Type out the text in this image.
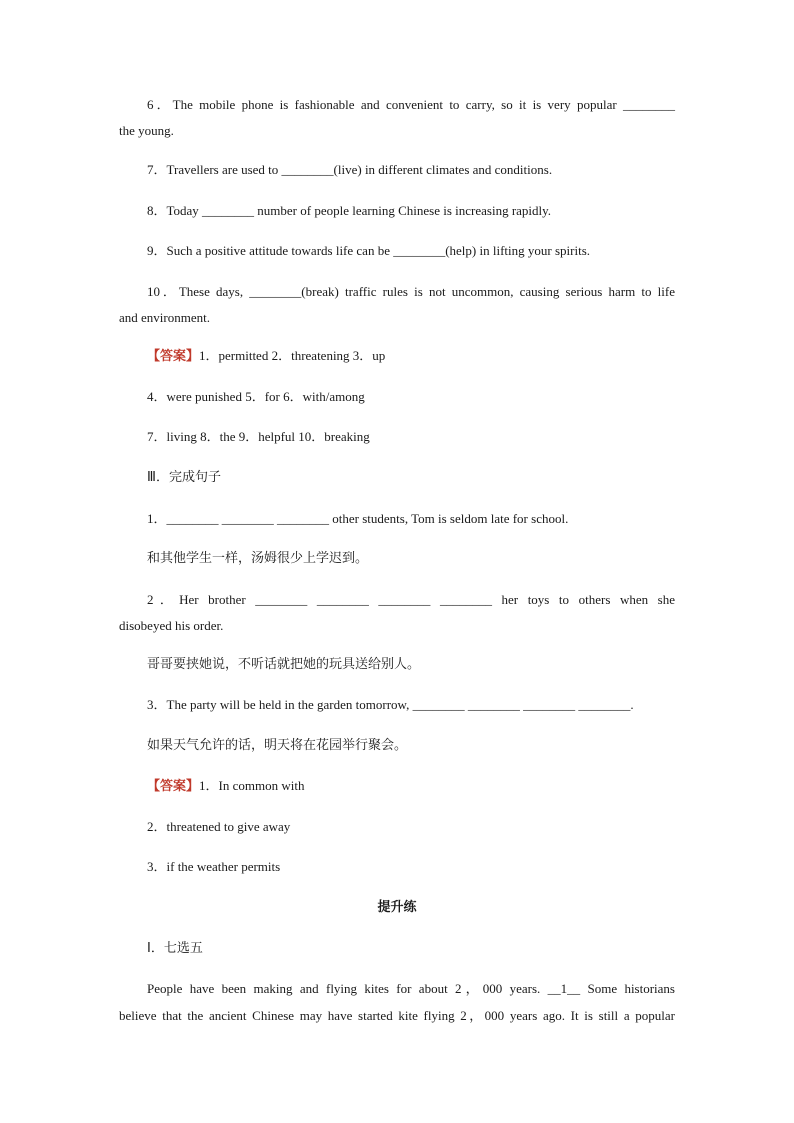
6．The mobile phone is fashionable and convenient to carry, so it is very popular ________
the young.
7．Travellers are used to ________(live) in different climates and conditions.
8．Today ________ number of people learning Chinese is increasing rapidly.
9．Such a positive attitude towards life can be ________(help) in lifting your spirits.
10．These days, ________(break) traffic rules is not uncommon, causing serious harm to life
and environment.
【答案】1．permitted 2．threatening 3．up
4．were punished 5．for 6．with/among
7．living 8．the 9．helpful 10．breaking
Ⅲ．完成句子
1．________ ________ ________ other students, Tom is seldom late for school.
和其他学生一样，汤姆很少上学迟到。
2．Her brother ________ ________ ________ ________ her toys to others when she
disobeyed his order.
哥哥要挟她说，不听话就把她的玩具送给别人。
3．The party will be held in the garden tomorrow, ________ ________ ________ ________.
如果天气允许的话，明天将在花园举行聚会。
【答案】1．In common with
2．threatened to give away
3．if the weather permits
提升练
Ⅰ．七选五
People have been making and flying kites for about 2，000 years. __1__ Some historians
believe that the ancient Chinese may have started kite flying 2，000 years ago. It is still a popular
